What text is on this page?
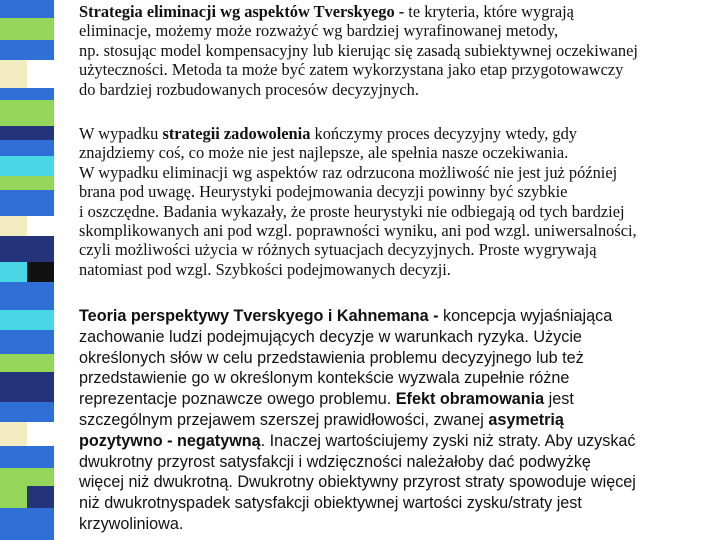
Strategia eliminacji wg aspektów Tverskyego - te kryteria, które wygrają
eliminacje, możemy może rozważyć wg bardziej wyrafinowanej metody,
np. stosując model kompensacyjny lub kierując się zasadą subiektywnej oczekiwanej
użyteczności. Metoda ta może być zatem wykorzystana jako etap przygotowawczy
do bardziej rozbudowanych procesów decyzyjnych.
W wypadku strategii zadowolenia kończymy proces decyzyjny wtedy, gdy
znajdziemy coś, co może nie jest najlepsze, ale spełnia nasze oczekiwania.
W wypadku eliminacji wg aspektów raz odrzucona możliwość nie jest już później
brana pod uwagę. Heurystyki podejmowania decyzji powinny być szybkie
i oszczędne. Badania wykazały, że proste heurystyki nie odbiegają od tych bardziej
skomplikowanych ani pod wzgl. poprawności wyniku, ani pod wzgl. uniwersalności,
czyli możliwości użycia w różnych sytuacjach decyzyjnych. Proste wygrywają
natomiast pod wzgl. Szybkości podejmowanych decyzji.
Teoria perspektywy Tverskyego i Kahnemana - koncepcja wyjaśniająca
zachowanie ludzi podejmujących decyzje w warunkach ryzyka. Użycie
określonych słów w celu przedstawienia problemu decyzyjnego lub też
przedstawienie go w określonym kontekście wyzwala zupełnie różne
reprezentacje poznawcze owego problemu. Efekt obramowania jest
szczególnym przejawem szerszej prawidłowości, zwanej asymetrią
pozytywno - negatywną. Inaczej wartościujemy zyski niż straty. Aby uzyskać
dwukrotny przyrost satysfakcji i wdzięczności należałoby dać podwyżkę
więcej niż dwukrotną. Dwukrotny obiektywny przyrost straty spowoduje więcej
niż dwukrotnyspadek satysfakcji obiektywnej wartości zysku/straty jest
krzywoliniowa.
